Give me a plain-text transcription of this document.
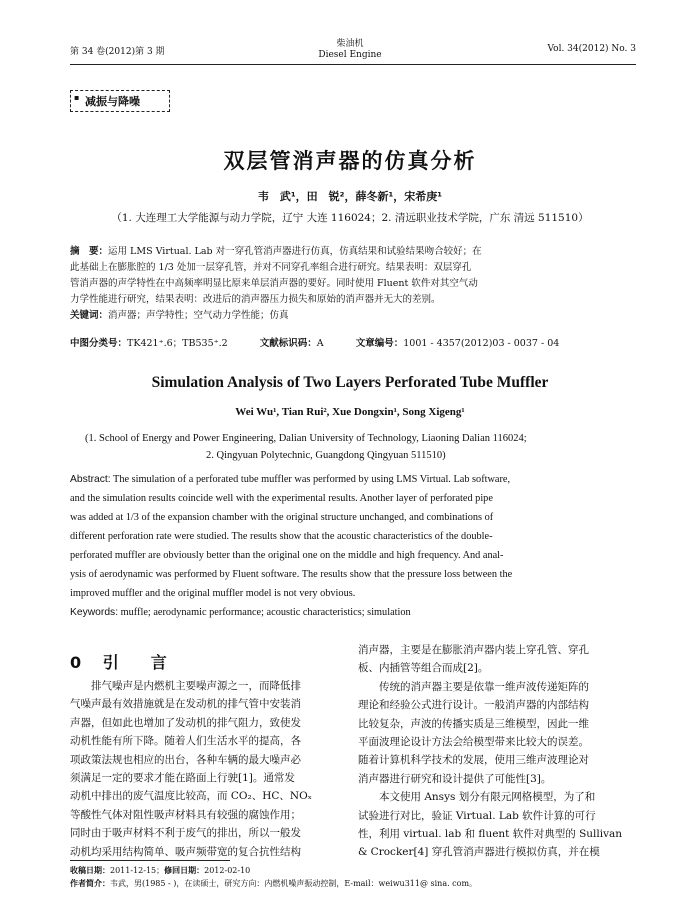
第 34 卷(2012)第 3 期
柴油机
Diesel Engine
Vol. 34(2012) No. 3
▪ 减振与降噪
双层管消声器的仿真分析
韦　武¹，田　锐²，薛冬新¹，宋希庚¹
（1. 大连理工大学能源与动力学院，辽宁 大连 116024；2. 清远职业技术学院，广东 清远 511510）
摘　要：运用 LMS Virtual. Lab 对一穿孔管消声器进行仿真，仿真结果和试验结果吻合较好；在
此基础上在膨胀腔的 1/3 处加一层穿孔管，并对不同穿孔率组合进行研究。结果表明：双层穿孔
管消声器的声学特性在中高频率明显比原来单层消声器的要好。同时使用 Fluent 软件对其空气动
力学性能进行研究，结果表明：改进后的消声器压力损失和原始的消声器并无大的差别。
关键词：消声器；声学特性；空气动力学性能；仿真
中图分类号：TK421⁺.6；TB535⁺.2	文献标识码：A	文章编号：1001 - 4357(2012)03 - 0037 - 04
Simulation Analysis of Two Layers Perforated Tube Muffler
Wei Wu¹, Tian Rui², Xue Dongxin¹, Song Xigeng¹
(1. School of Energy and Power Engineering, Dalian University of Technology, Liaoning Dalian 116024;
2. Qingyuan Polytechnic, Guangdong Qingyuan 511510)
Abstract: The simulation of a perforated tube muffler was performed by using LMS Virtual. Lab software,
and the simulation results coincide well with the experimental results. Another layer of perforated pipe
was added at 1/3 of the expansion chamber with the original structure unchanged, and combinations of
different perforation rate were studied. The results show that the acoustic characteristics of the double-
perforated muffler are obviously better than the original one on the middle and high frequency. And anal-
ysis of aerodynamic was performed by Fluent software. The results show that the pressure loss between the
improved muffler and the original muffler model is not very obvious.
Keywords: muffle; aerodynamic performance; acoustic characteristics; simulation
0 引　言
排气噪声是内燃机主要噪声源之一，而降低排
气噪声最有效措施就是在发动机的排气管中安装消
声器，但如此也增加了发动机的排气阻力，致使发
动机性能有所下降。随着人们生活水平的提高，各
项政策法规也相应的出台，各种车辆的最大噪声必
须满足一定的要求才能在路面上行驶[1]。通常发
动机中排出的废气温度比较高，而 CO₂、HC、NOₓ
等酸性气体对阻性吸声材料具有较强的腐蚀作用；
同时由于吸声材料不利于废气的排出，所以一般发
动机均采用结构简单、吸声频带宽的复合抗性结构
消声器，主要是在膨胀消声器内装上穿孔管、穿孔
板、内插管等组合而成[2]。
传统的消声器主要是依靠一维声波传递矩阵的
理论和经验公式进行设计。一般消声器的内部结构
比较复杂，声波的传播实质是三维模型，因此一维
平面波理论设计方法会给模型带来比较大的误差。
随着计算机科学技术的发展，使用三维声波理论对
消声器进行研究和设计提供了可能性[3]。
本文使用 Ansys 划分有限元网格模型，为了和
试验进行对比，验证 Virtual. Lab 软件计算的可行
性，利用 virtual. lab 和 fluent 软件对典型的 Sullivan
& Crocker[4] 穿孔管消声器进行模拟仿真，并在模
收稿日期：2011-12-15；修回日期：2012-02-10
作者简介：韦武，男(1985 - )，在读硕士，研究方向：内燃机噪声振动控制，E-mail：weiwu311@ sina. com。
